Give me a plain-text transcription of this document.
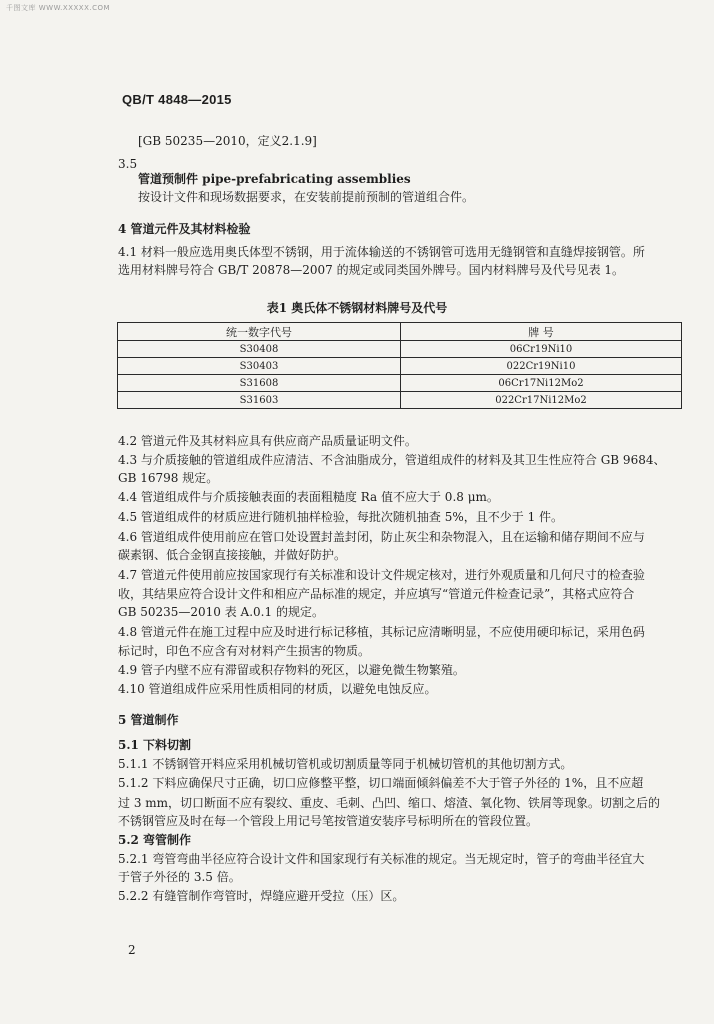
千图文库 WWW.XXXXX.COM
QB/T 4848—2015
[GB 50235—2010，定义2.1.9]
3.5
管道预制件 pipe-prefabricating assemblies
按设计文件和现场数据要求，在安装前提前预制的管道组合件。
4 管道元件及其材料检验
4.1 材料一般应选用奥氏体型不锈钢，用于流体输送的不锈钢管可选用无缝钢管和直缝焊接钢管。所
选用材料牌号符合 GB/T 20878—2007 的规定或同类国外牌号。国内材料牌号及代号见表 1。
表1 奥氏体不锈钢材料牌号及代号
统一数字代号	牌 号
S30408	06Cr19Ni10
S30403	022Cr19Ni10
S31608	06Cr17Ni12Mo2
S31603	022Cr17Ni12Mo2
4.2 管道元件及其材料应具有供应商产品质量证明文件。
4.3 与介质接触的管道组成件应清洁、不含油脂成分，管道组成件的材料及其卫生性应符合 GB 9684、
GB 16798 规定。
4.4 管道组成件与介质接触表面的表面粗糙度 Ra 值不应大于 0.8 μm。
4.5 管道组成件的材质应进行随机抽样检验，每批次随机抽查 5%，且不少于 1 件。
4.6 管道组成件使用前应在管口处设置封盖封闭，防止灰尘和杂物混入，且在运输和储存期间不应与
碳素钢、低合金钢直接接触，并做好防护。
4.7 管道元件使用前应按国家现行有关标准和设计文件规定核对，进行外观质量和几何尺寸的检查验
收，其结果应符合设计文件和相应产品标准的规定，并应填写“管道元件检查记录”，其格式应符合
GB 50235—2010 表 A.0.1 的规定。
4.8 管道元件在施工过程中应及时进行标记移植，其标记应清晰明显，不应使用硬印标记，采用色码
标记时，印色不应含有对材料产生损害的物质。
4.9 管子内壁不应有滞留或积存物料的死区，以避免微生物繁殖。
4.10 管道组成件应采用性质相同的材质，以避免电蚀反应。
5 管道制作
5.1 下料切割
5.1.1 不锈钢管开料应采用机械切管机或切割质量等同于机械切管机的其他切割方式。
5.1.2 下料应确保尺寸正确，切口应修整平整，切口端面倾斜偏差不大于管子外径的 1%，且不应超
过 3 mm，切口断面不应有裂纹、重皮、毛刺、凸凹、缩口、熔渣、氧化物、铁屑等现象。切割之后的
不锈钢管应及时在每一个管段上用记号笔按管道安装序号标明所在的管段位置。
5.2 弯管制作
5.2.1 弯管弯曲半径应符合设计文件和国家现行有关标准的规定。当无规定时，管子的弯曲半径宜大
于管子外径的 3.5 倍。
5.2.2 有缝管制作弯管时，焊缝应避开受拉（压）区。
2
